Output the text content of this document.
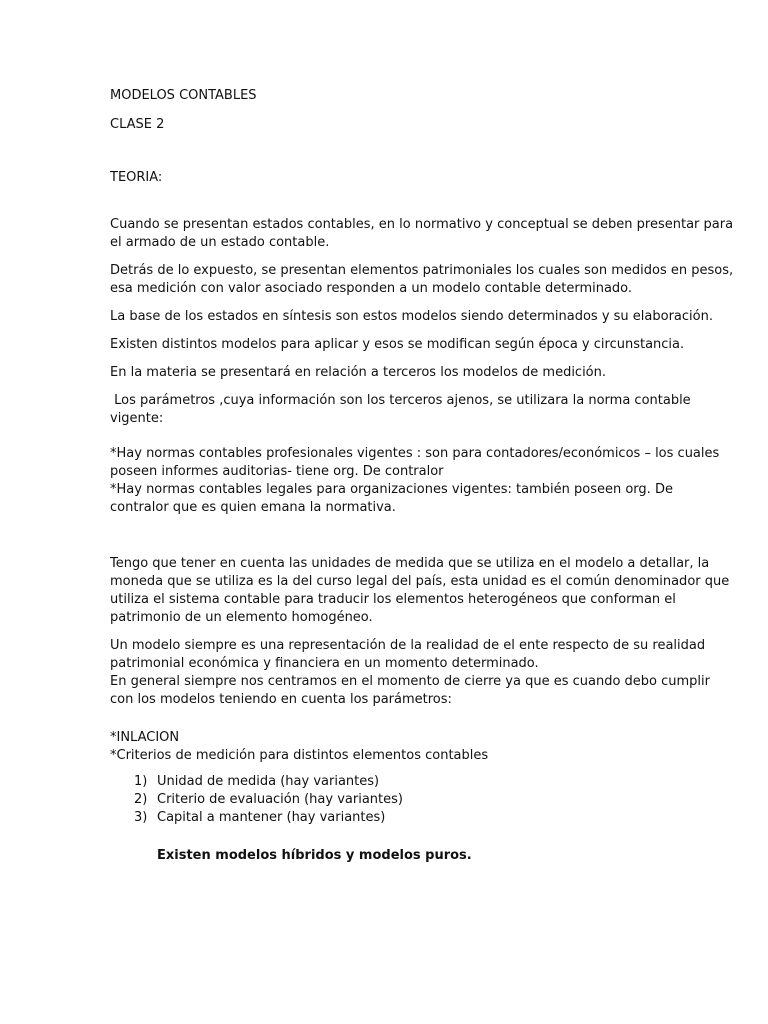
MODELOS CONTABLES
CLASE 2
TEORIA:
Cuando se presentan estados contables, en lo normativo y conceptual se deben presentar para
el armado de un estado contable.
Detrás de lo expuesto, se presentan elementos patrimoniales los cuales son medidos en pesos,
esa medición con valor asociado responden a un modelo contable determinado.
La base de los estados en síntesis son estos modelos siendo determinados y su elaboración.
Existen distintos modelos para aplicar y esos se modifican según época y circunstancia.
En la materia se presentará en relación a terceros los modelos de medición.
Los parámetros ,cuya información son los terceros ajenos, se utilizara la norma contable
vigente:
*Hay normas contables profesionales vigentes : son para contadores/económicos – los cuales
poseen informes auditorias- tiene org. De contralor
*Hay normas contables legales para organizaciones vigentes: también poseen org. De
contralor que es quien emana la normativa.
Tengo que tener en cuenta las unidades de medida que se utiliza en el modelo a detallar, la
moneda que se utiliza es la del curso legal del país, esta unidad es el común denominador que
utiliza el sistema contable para traducir los elementos heterogéneos que conforman el
patrimonio de un elemento homogéneo.
Un modelo siempre es una representación de la realidad de el ente respecto de su realidad
patrimonial económica y financiera en un momento determinado.
En general siempre nos centramos en el momento de cierre ya que es cuando debo cumplir
con los modelos teniendo en cuenta los parámetros:
*INLACION
*Criterios de medición para distintos elementos contables
1) Unidad de medida (hay variantes)
2) Criterio de evaluación (hay variantes)
3) Capital a mantener (hay variantes)
Existen modelos híbridos y modelos puros.
